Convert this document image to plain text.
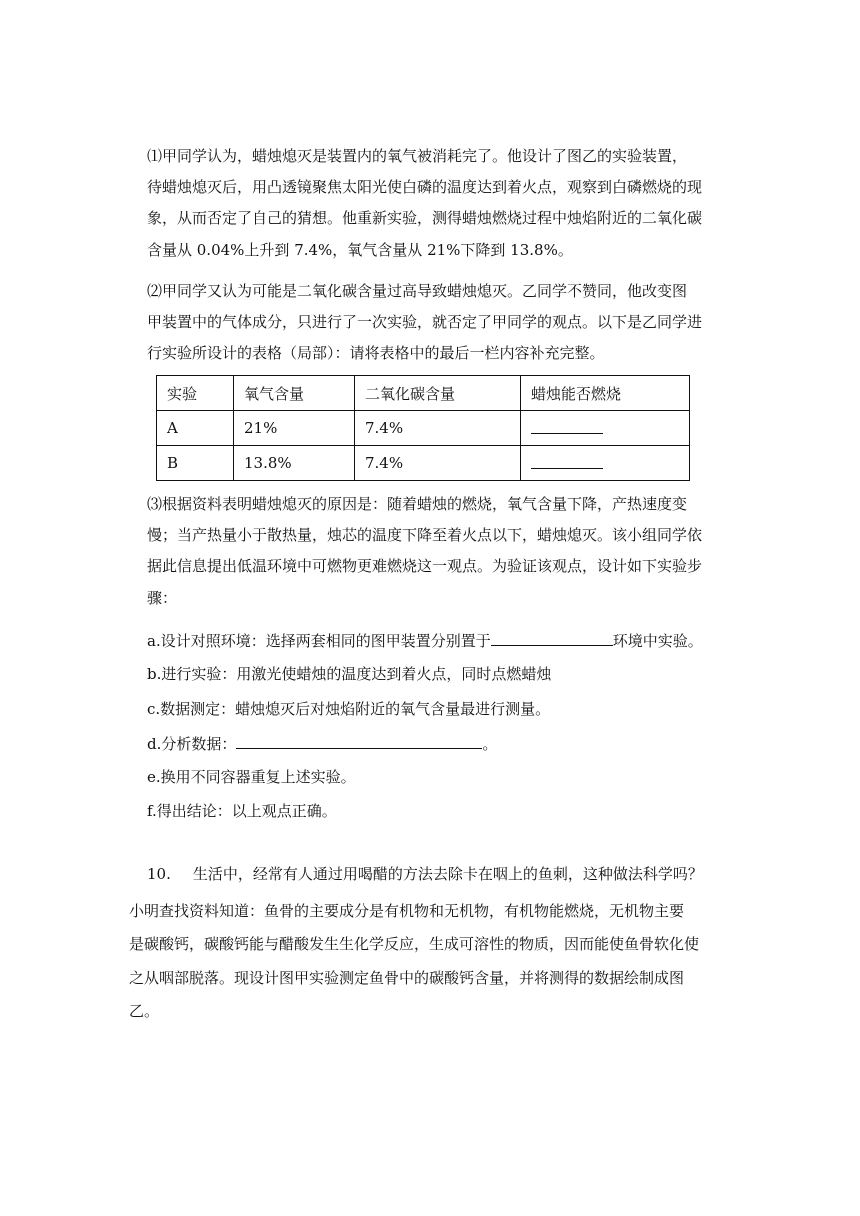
⑴甲同学认为，蜡烛熄灭是装置内的氧气被消耗完了。他设计了图乙的实验装置，
待蜡烛熄灭后，用凸透镜聚焦太阳光使白磷的温度达到着火点，观察到白磷燃烧的现
象，从而否定了自己的猜想。他重新实验，测得蜡烛燃烧过程中烛焰附近的二氧化碳
含量从 0.04%上升到 7.4%，氧气含量从 21%下降到 13.8%。
⑵甲同学又认为可能是二氧化碳含量过高导致蜡烛熄灭。乙同学不赞同，他改变图
甲装置中的气体成分，只进行了一次实验，就否定了甲同学的观点。以下是乙同学进
行实验所设计的表格（局部）：请将表格中的最后一栏内容补充完整。
实验	氧气含量	二氧化碳含量	蜡烛能否燃烧
A	21%	7.4%	
B	13.8%	7.4%	
⑶根据资料表明蜡烛熄灭的原因是：随着蜡烛的燃烧，氧气含量下降，产热速度变
慢；当产热量小于散热量，烛芯的温度下降至着火点以下，蜡烛熄灭。该小组同学依
据此信息提出低温环境中可燃物更难燃烧这一观点。为验证该观点，设计如下实验步
骤：
a.设计对照环境：选择两套相同的图甲装置分别置于	环境中实验。
b.进行实验：用激光使蜡烛的温度达到着火点，同时点燃蜡烛
c.数据测定：蜡烛熄灭后对烛焰附近的氧气含量最进行测量。
d.分析数据：	。
e.换用不同容器重复上述实验。
f.得出结论：以上观点正确。
10. 生活中，经常有人通过用喝醋的方法去除卡在咽上的鱼刺，这种做法科学吗？
小明查找资料知道：鱼骨的主要成分是有机物和无机物，有机物能燃烧，无机物主要
是碳酸钙，碳酸钙能与醋酸发生生化学反应，生成可溶性的物质，因而能使鱼骨软化使
之从咽部脱落。现设计图甲实验测定鱼骨中的碳酸钙含量，并将测得的数据绘制成图
乙。
